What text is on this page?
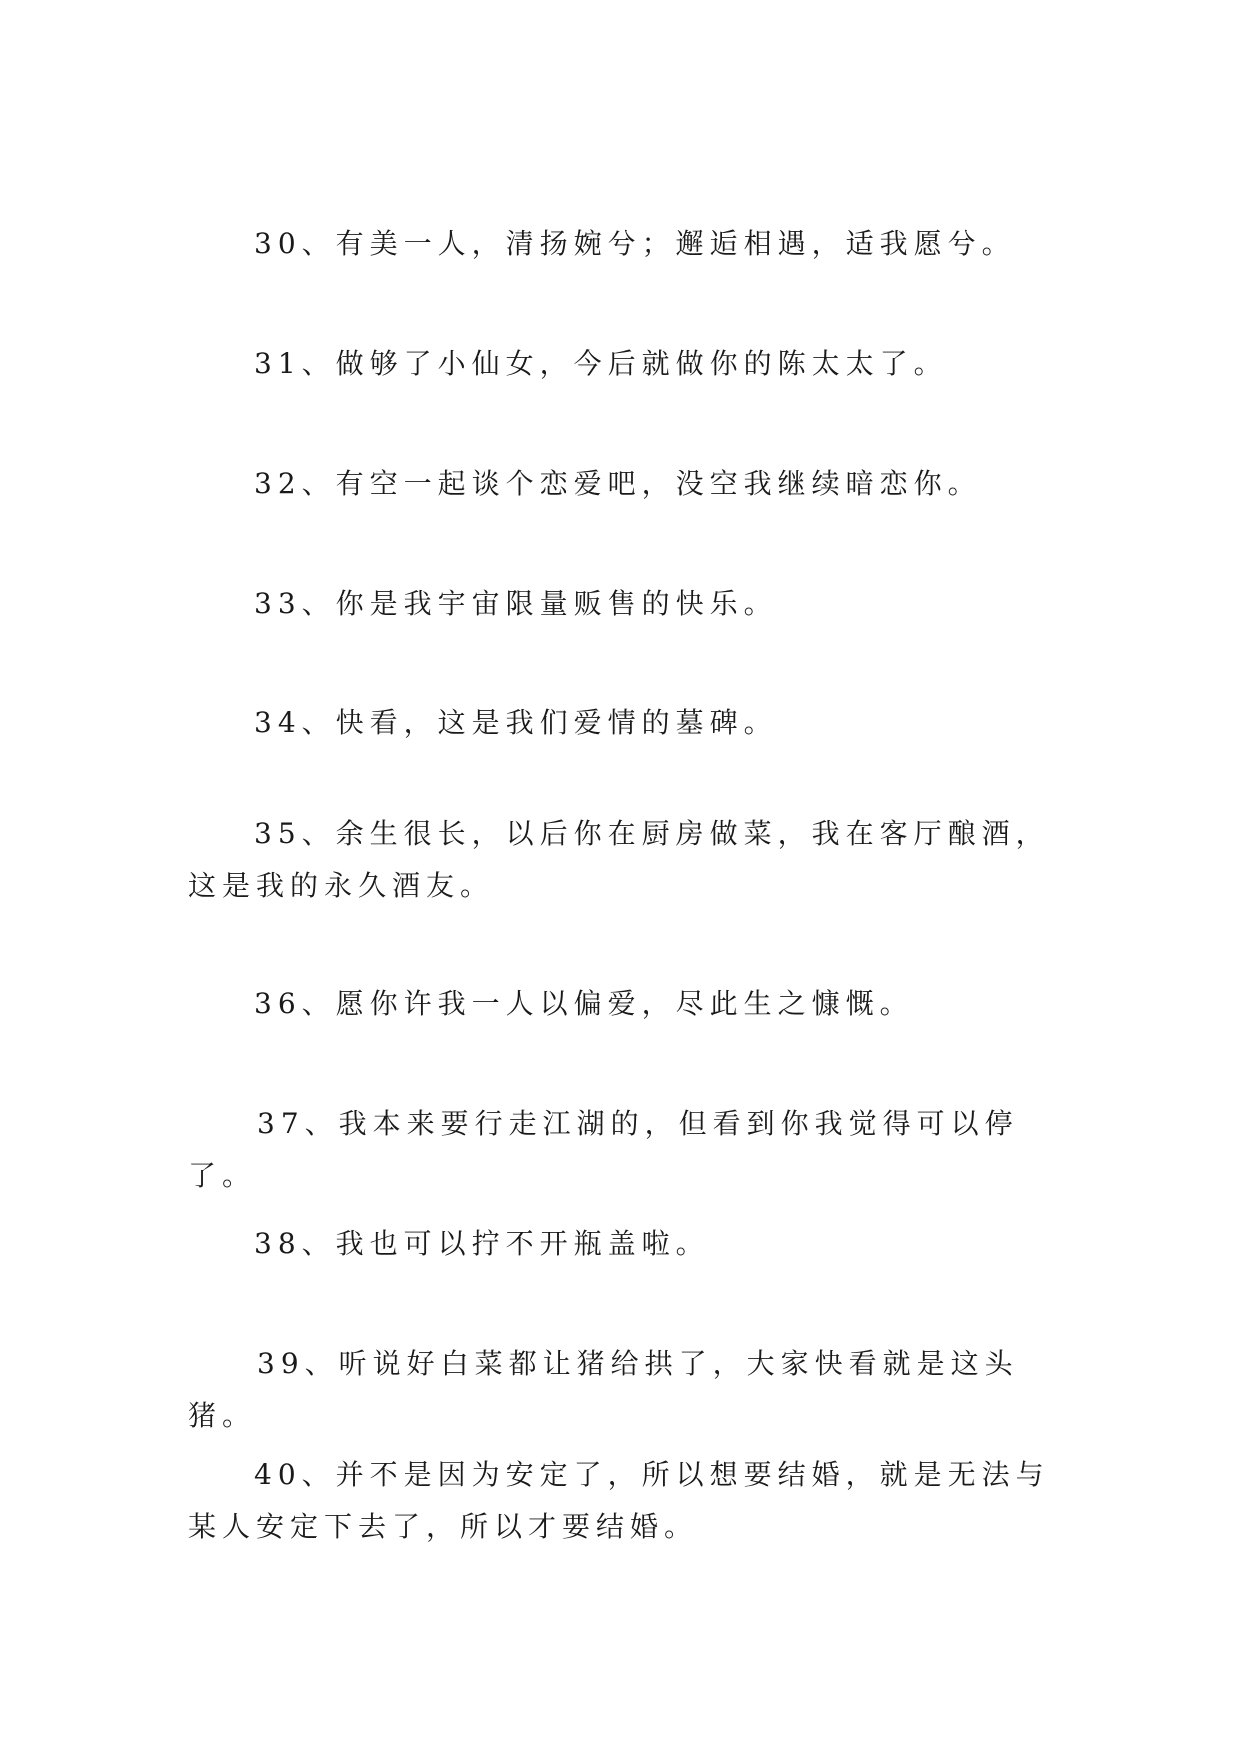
30、有美一人，清扬婉兮；邂逅相遇，适我愿兮。

31、做够了小仙女，今后就做你的陈太太了。

32、有空一起谈个恋爱吧，没空我继续暗恋你。

33、你是我宇宙限量贩售的快乐。

34、快看，这是我们爱情的墓碑。

35、余生很长，以后你在厨房做菜，我在客厅酿酒，这是我的永久酒友。

36、愿你许我一人以偏爱，尽此生之慷慨。

37、我本来要行走江湖的，但看到你我觉得可以停了。

38、我也可以拧不开瓶盖啦。

39、听说好白菜都让猪给拱了，大家快看就是这头猪。

40、并不是因为安定了，所以想要结婚，就是无法与某人安定下去了，所以才要结婚。
